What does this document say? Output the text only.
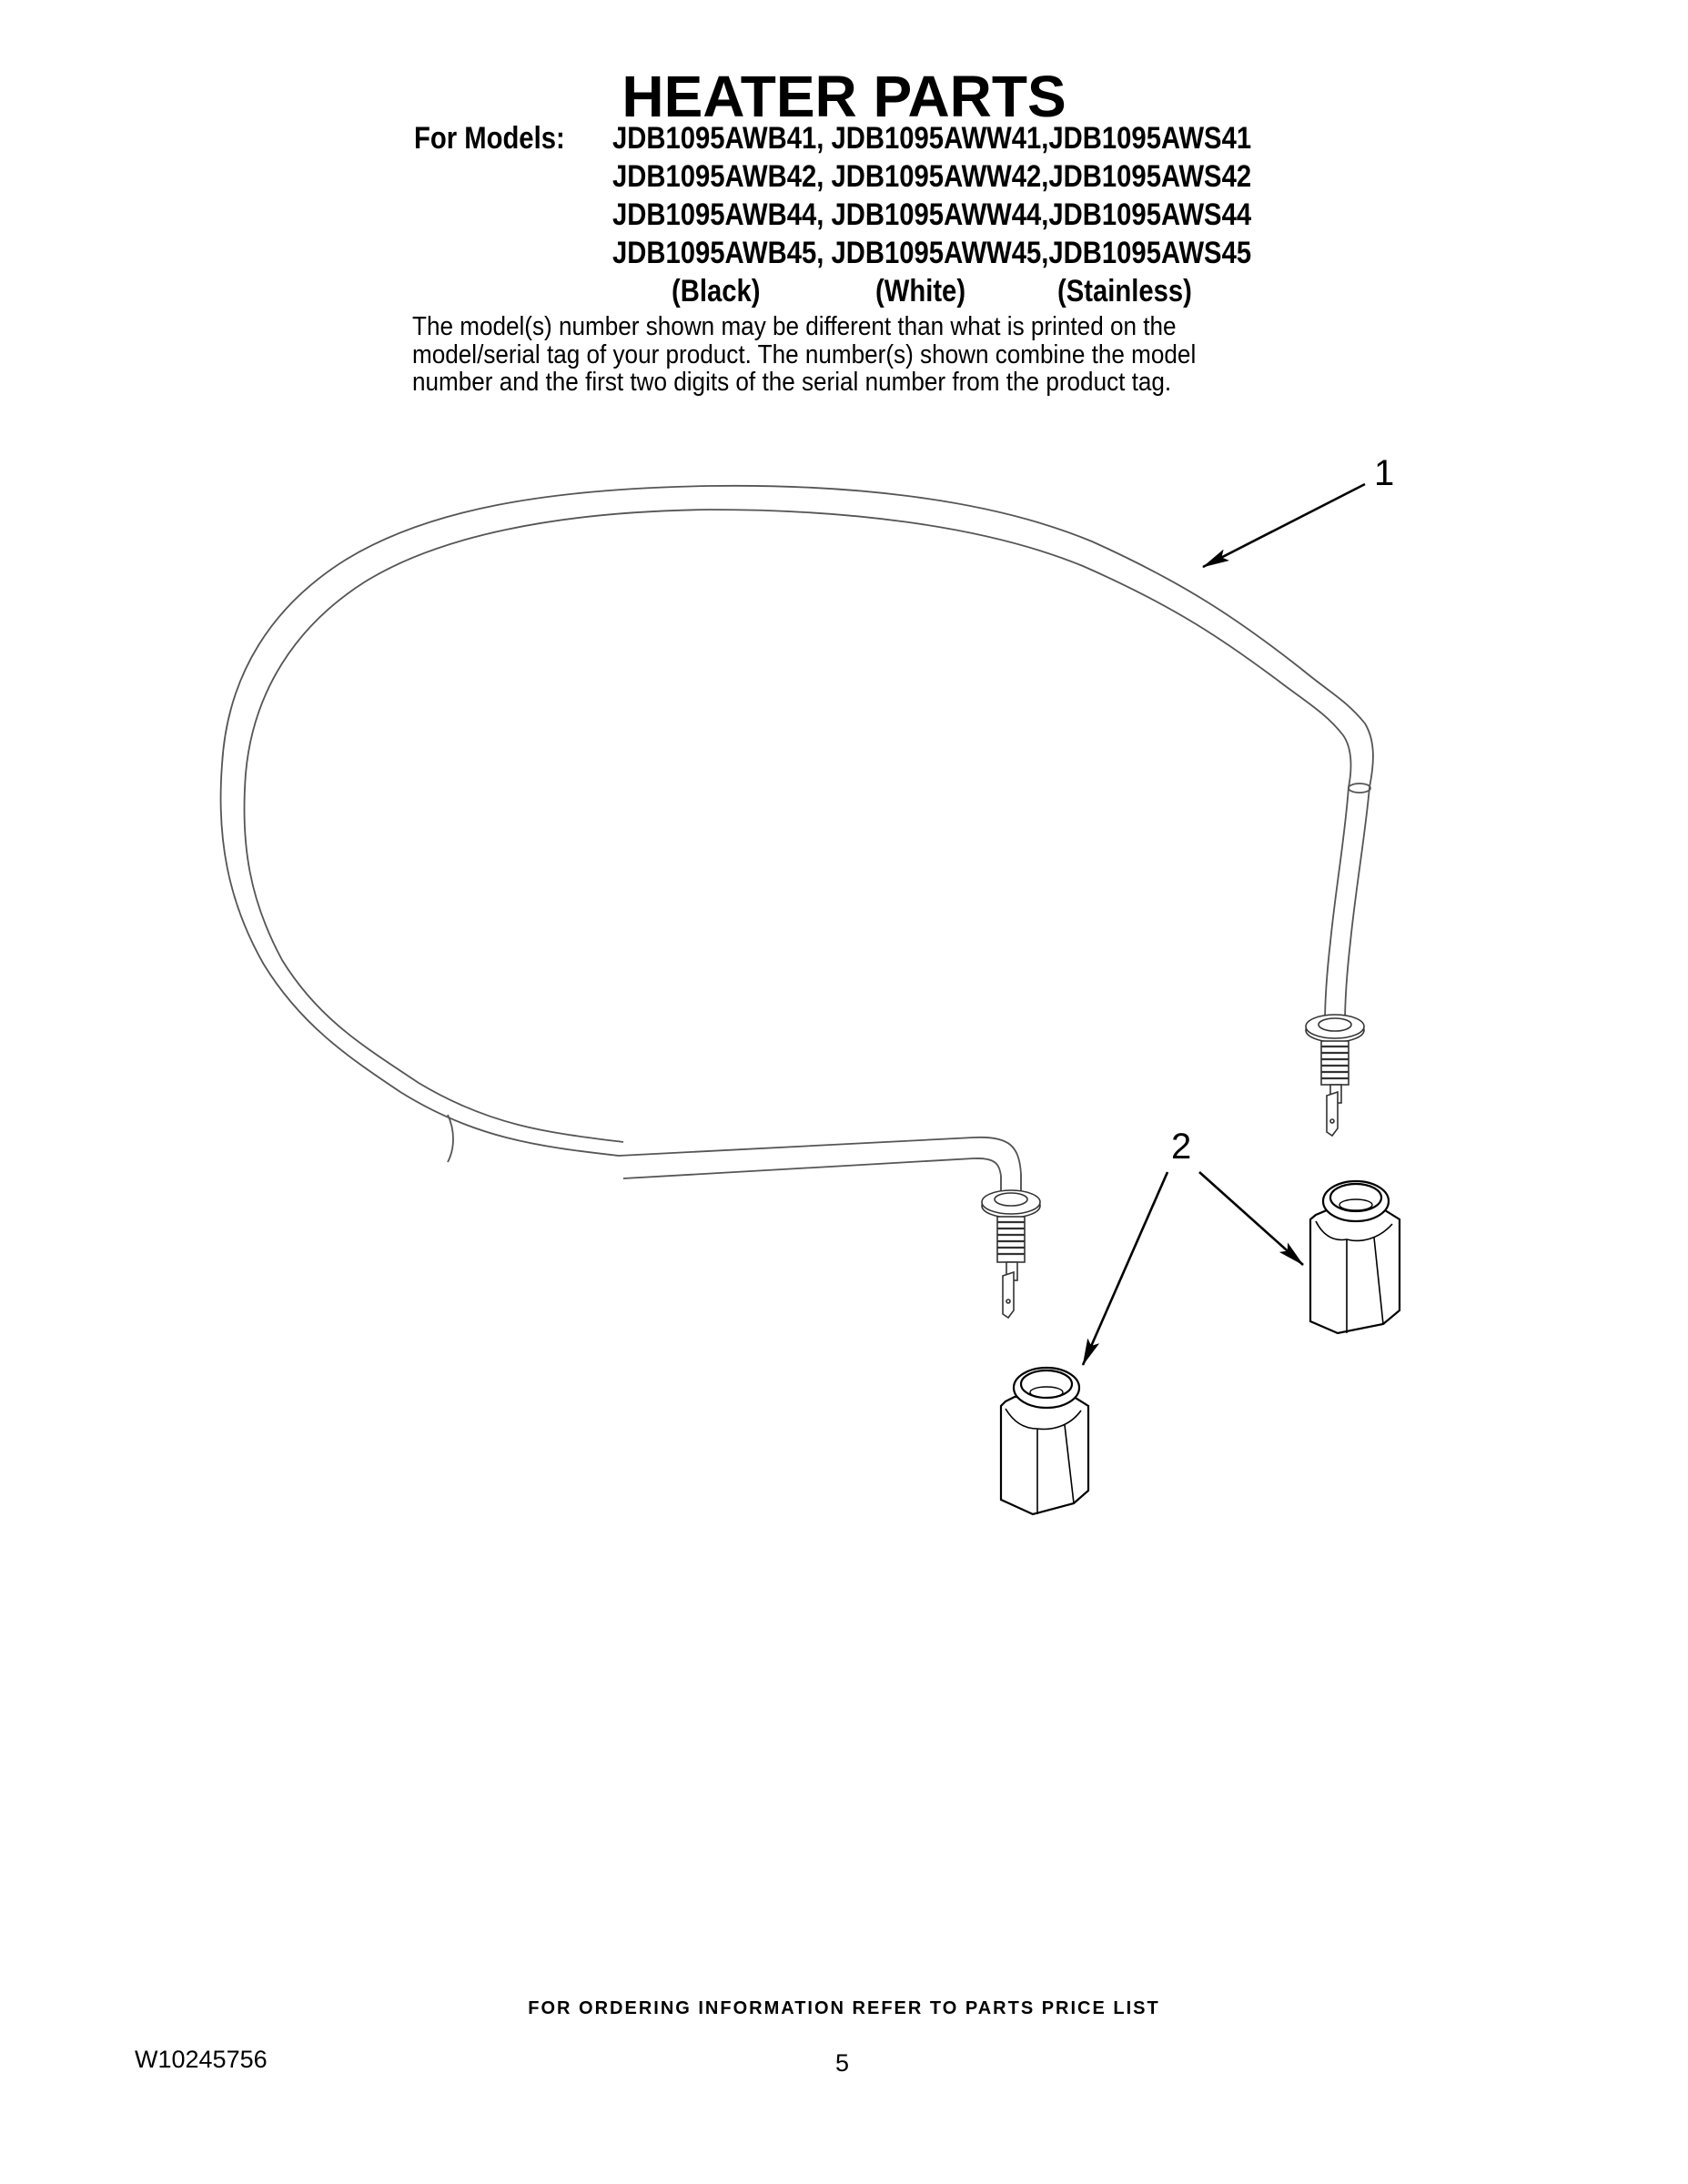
HEATER PARTS
For Models: JDB1095AWB41, JDB1095AWW41,JDB1095AWS41
JDB1095AWB42, JDB1095AWW42,JDB1095AWS42
JDB1095AWB44, JDB1095AWW44,JDB1095AWS44
JDB1095AWB45, JDB1095AWW45,JDB1095AWS45
(Black)	(White)	(Stainless)
The model(s) number shown may be different than what is printed on the
model/serial tag of your product. The number(s) shown combine the model
number and the first two digits of the serial number from the product tag.
1
2
FOR ORDERING INFORMATION REFER TO PARTS PRICE LIST
W10245756	5
